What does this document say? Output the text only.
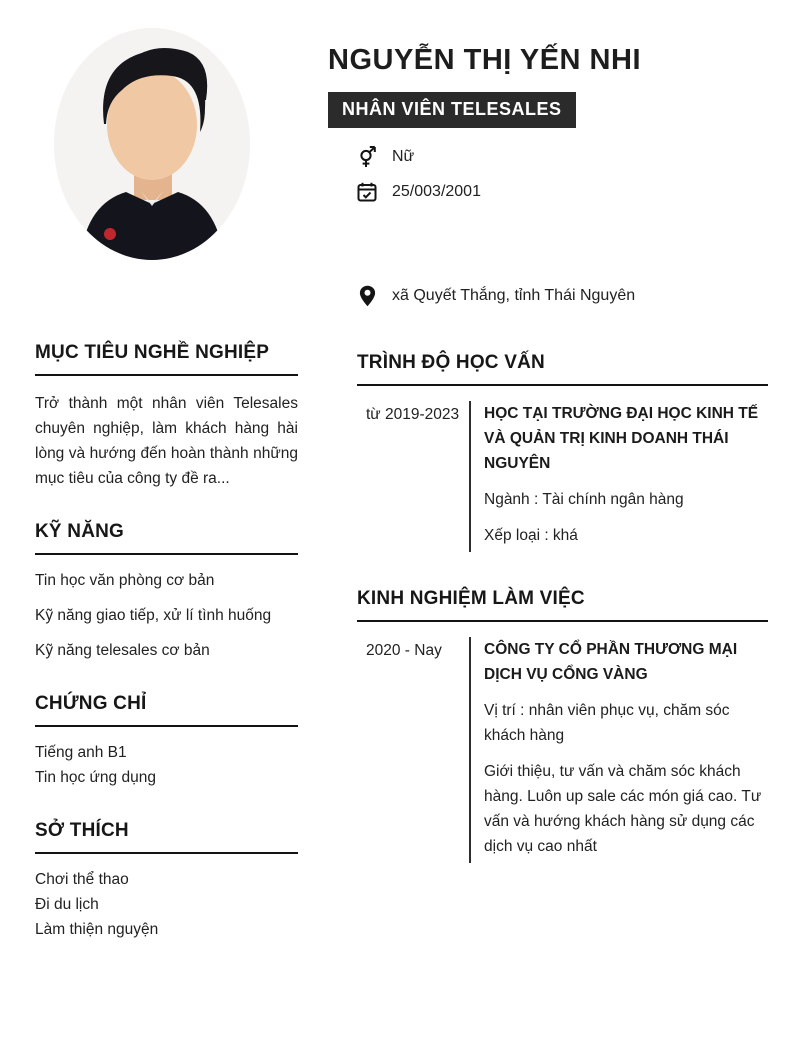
NGUYỄN THỊ YẾN NHI
NHÂN VIÊN TELESALES
Nữ
25/003/2001
xã Quyết Thắng, tỉnh Thái Nguyên
MỤC TIÊU NGHỀ NGHIỆP

Trở thành một nhân viên Telesales chuyên nghiệp, làm khách hàng hài lòng và hướng đến hoàn thành những mục tiêu của công ty đề ra...

KỸ NĂNG
Tin học văn phòng cơ bản
Kỹ năng giao tiếp, xử lí tình huống
Kỹ năng telesales cơ bản
CHỨNG CHỈ
Tiếng anh B1
Tin học ứng dụng
SỞ THÍCH
Chơi thể thao
Đi du lịch
Làm thiện nguyện
TRÌNH ĐỘ HỌC VẤN
từ 2019-2023	HỌC TẠI TRƯỜNG ĐẠI HỌC KINH TẾ VÀ QUẢN TRỊ KINH DOANH THÁI NGUYÊN
Ngành : Tài chính ngân hàng
Xếp loại : khá
KINH NGHIỆM LÀM VIỆC
2020 - Nay	CÔNG TY CỔ PHẦN THƯƠNG MẠI DỊCH VỤ CỔNG VÀNG
Vị trí : nhân viên phục vụ, chăm sóc khách hàng
Giới thiệu, tư vấn và chăm sóc khách hàng. Luôn up sale các món giá cao. Tư vấn và hướng khách hàng sử dụng các dịch vụ cao nhất
